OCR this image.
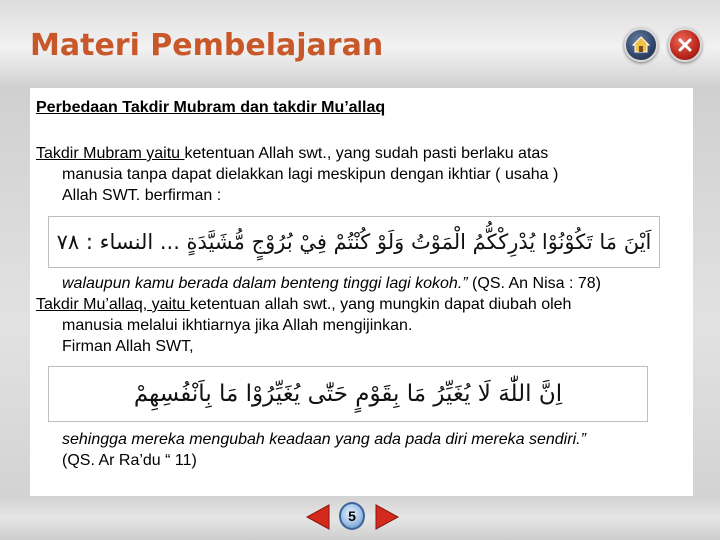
Materi Pembelajaran
Perbedaan Takdir Mubram dan takdir Mu’allaq
Takdir Mubram yaitu ketentuan Allah swt., yang sudah pasti berlaku atas
manusia tanpa dapat dielakkan lagi meskipun dengan ikhtiar ( usaha )
Allah SWT. berfirman :
اَيْنَ مَا تَكُوْنُوْا يُدْرِكْكُّمُ الْمَوْتُ وَلَوْ كُنْتُمْ فِيْ بُرُوْجٍ مُّشَيَّدَةٍ ... النساء : ٧٨
walaupun kamu berada dalam benteng tinggi lagi kokoh.” (QS. An Nisa : 78)
Takdir Mu’allaq, yaitu ketentuan allah swt., yang mungkin dapat diubah oleh
manusia melalui ikhtiarnya jika Allah mengijinkan.
Firman Allah SWT,
اِنَّ اللّٰهَ لَا يُغَيِّرُ مَا بِقَوْمٍ حَتّٰى يُغَيِّرُوْا مَا بِاَنْفُسِهِمْ
sehingga mereka mengubah keadaan yang ada pada diri mereka sendiri.”
(QS. Ar Ra’du “ 11)
5
